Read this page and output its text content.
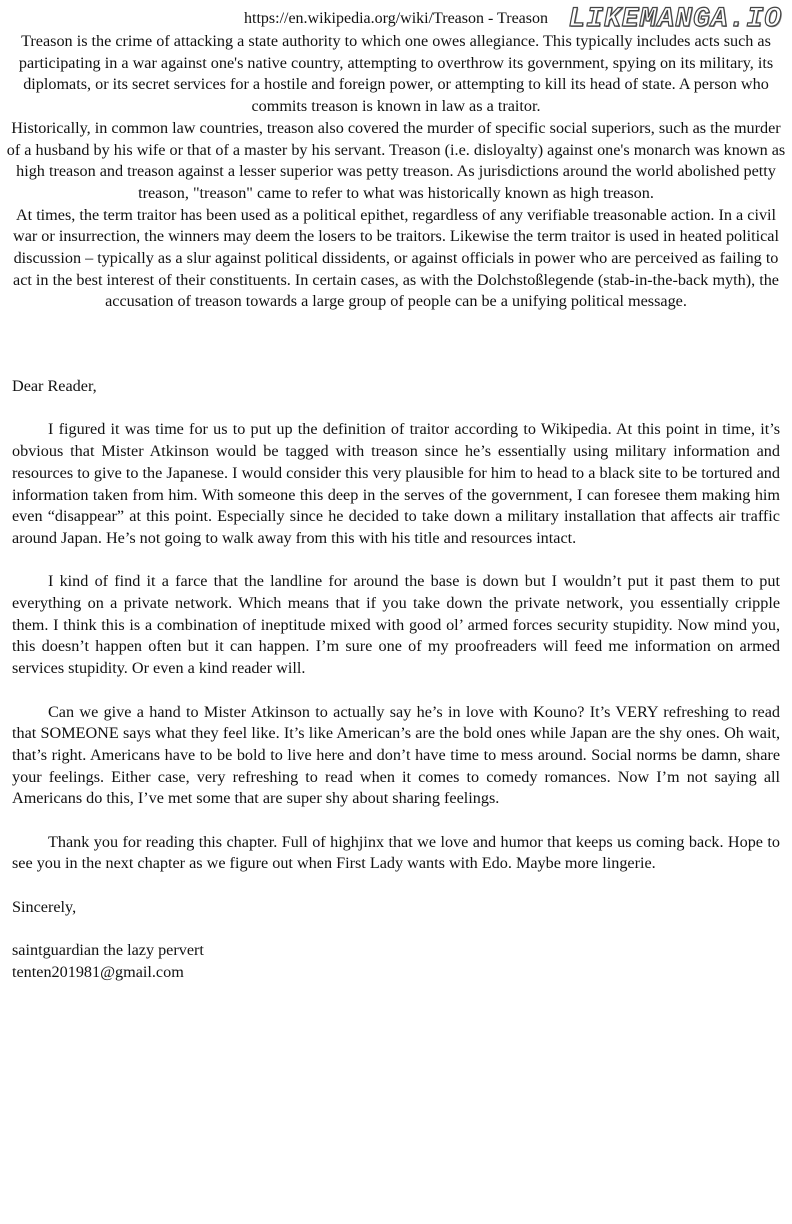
LIKEMANGA.IO
https://en.wikipedia.org/wiki/Treason - Treason

Treason is the crime of attacking a state authority to which one owes allegiance. This typically includes acts such as participating in a war against one's native country, attempting to overthrow its government, spying on its military, its diplomats, or its secret services for a hostile and foreign power, or attempting to kill its head of state. A person who commits treason is known in law as a traitor.

Historically, in common law countries, treason also covered the murder of specific social superiors, such as the murder of a husband by his wife or that of a master by his servant. Treason (i.e. disloyalty) against one's monarch was known as high treason and treason against a lesser superior was petty treason. As jurisdictions around the world abolished petty treason, "treason" came to refer to what was historically known as high treason.

At times, the term traitor has been used as a political epithet, regardless of any verifiable treasonable action. In a civil war or insurrection, the winners may deem the losers to be traitors. Likewise the term traitor is used in heated political discussion – typically as a slur against political dissidents, or against officials in power who are perceived as failing to act in the best interest of their constituents. In certain cases, as with the Dolchstoßlegende (stab-in-the-back myth), the accusation of treason towards a large group of people can be a unifying political message.

Dear Reader,

I figured it was time for us to put up the definition of traitor according to Wikipedia. At this point in time, it’s obvious that Mister Atkinson would be tagged with treason since he’s essentially using military information and resources to give to the Japanese. I would consider this very plausible for him to head to a black site to be tortured and information taken from him. With someone this deep in the serves of the government, I can foresee them making him even “disappear” at this point. Especially since he decided to take down a military installation that affects air traffic around Japan. He’s not going to walk away from this with his title and resources intact.

I kind of find it a farce that the landline for around the base is down but I wouldn’t put it past them to put everything on a private network. Which means that if you take down the private network, you essentially cripple them. I think this is a combination of ineptitude mixed with good ol’ armed forces security stupidity. Now mind you, this doesn’t happen often but it can happen. I’m sure one of my proofreaders will feed me information on armed services stupidity. Or even a kind reader will.

Can we give a hand to Mister Atkinson to actually say he’s in love with Kouno? It’s VERY refreshing to read that SOMEONE says what they feel like. It’s like American’s are the bold ones while Japan are the shy ones. Oh wait, that’s right. Americans have to be bold to live here and don’t have time to mess around. Social norms be damn, share your feelings. Either case, very refreshing to read when it comes to comedy romances. Now I’m not saying all Americans do this, I’ve met some that are super shy about sharing feelings.

Thank you for reading this chapter. Full of highjinx that we love and humor that keeps us coming back. Hope to see you in the next chapter as we figure out when First Lady wants with Edo. Maybe more lingerie.

Sincerely,

saintguardian the lazy pervert
tenten201981@gmail.com
